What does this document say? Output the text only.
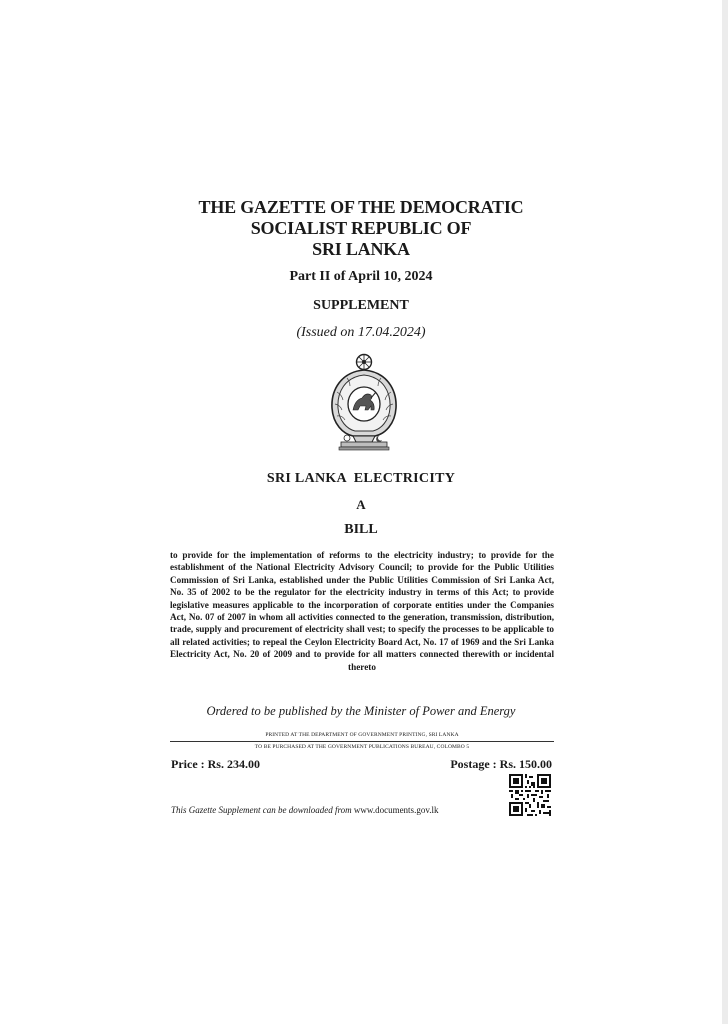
THE GAZETTE OF THE DEMOCRATIC
SOCIALIST REPUBLIC OF
SRI LANKA
Part II of April 10, 2024
SUPPLEMENT
(Issued on 17.04.2024)
SRI LANKA  ELECTRICITY
A
BILL
to provide for the implementation of reforms to the electricity industry; to provide for the establishment of the National Electricity Advisory Council; to provide for the Public Utilities Commission of Sri Lanka, established under the Public Utilities Commission of Sri Lanka Act, No. 35 of 2002 to be the regulator for the electricity industry in terms of this Act; to provide legislative measures applicable to the incorporation of corporate entities under the Companies Act, No. 07 of 2007 in whom all activities connected to the generation, transmission, distribution, trade, supply and procurement of electricity shall vest; to specify the processes to be applicable to all related activities; to repeal the Ceylon Electricity Board Act, No. 17 of 1969 and the Sri Lanka Electricity Act, No. 20 of 2009 and to provide for all matters connected therewith or incidental thereto
Ordered to be published by the Minister of Power and Energy
PRINTED AT THE DEPARTMENT OF GOVERNMENT PRINTING, SRI LANKA
TO BE PURCHASED AT THE GOVERNMENT PUBLICATIONS BUREAU, COLOMBO 5
Price : Rs. 234.00	Postage : Rs. 150.00
This Gazette Supplement can be downloaded from www.documents.gov.lk
